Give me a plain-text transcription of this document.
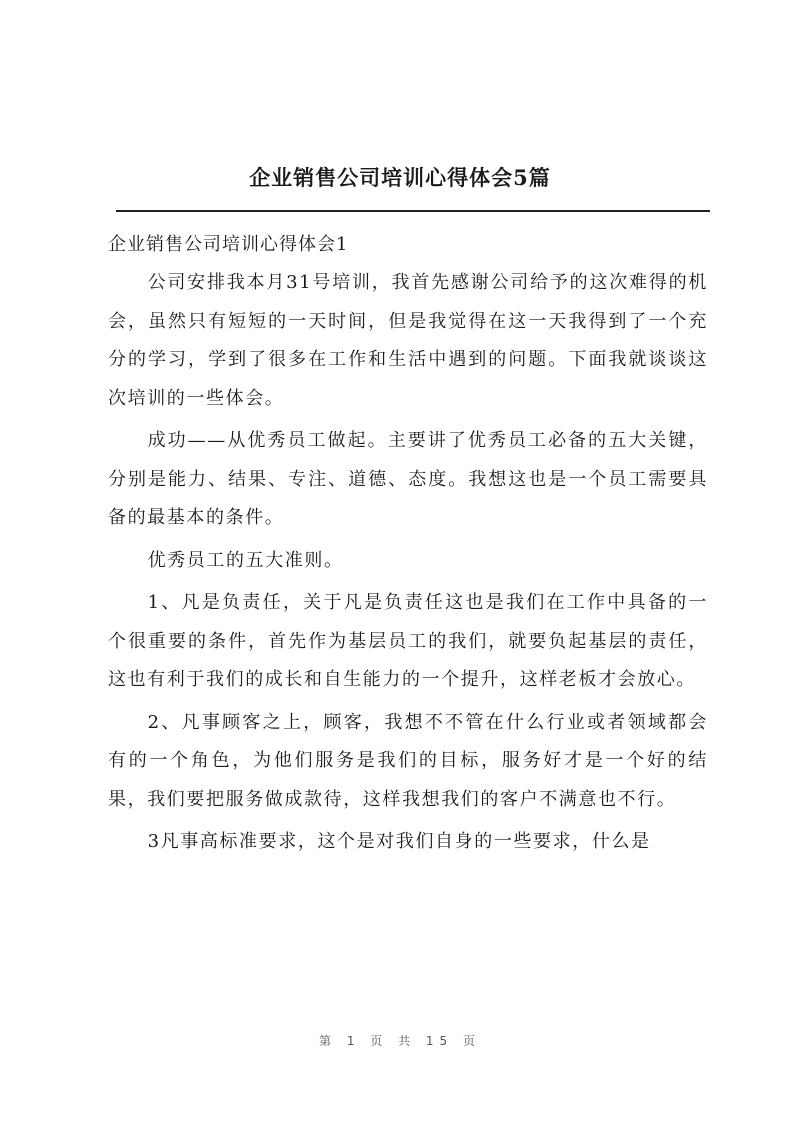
企业销售公司培训心得体会5篇
企业销售公司培训心得体会1

公司安排我本月31号培训，我首先感谢公司给予的这次难得的机会，虽然只有短短的一天时间，但是我觉得在这一天我得到了一个充分的学习，学到了很多在工作和生活中遇到的问题。下面我就谈谈这次培训的一些体会。

成功——从优秀员工做起。主要讲了优秀员工必备的五大关键，分别是能力、结果、专注、道德、态度。我想这也是一个员工需要具备的最基本的条件。

优秀员工的五大准则。

1、凡是负责任，关于凡是负责任这也是我们在工作中具备的一个很重要的条件，首先作为基层员工的我们，就要负起基层的责任，这也有利于我们的成长和自生能力的一个提升，这样老板才会放心。

2、凡事顾客之上，顾客，我想不不管在什么行业或者领域都会有的一个角色，为他们服务是我们的目标，服务好才是一个好的结果，我们要把服务做成款待，这样我想我们的客户不满意也不行。

3凡事高标准要求，这个是对我们自身的一些要求，什么是

第 1 页 共 15 页
